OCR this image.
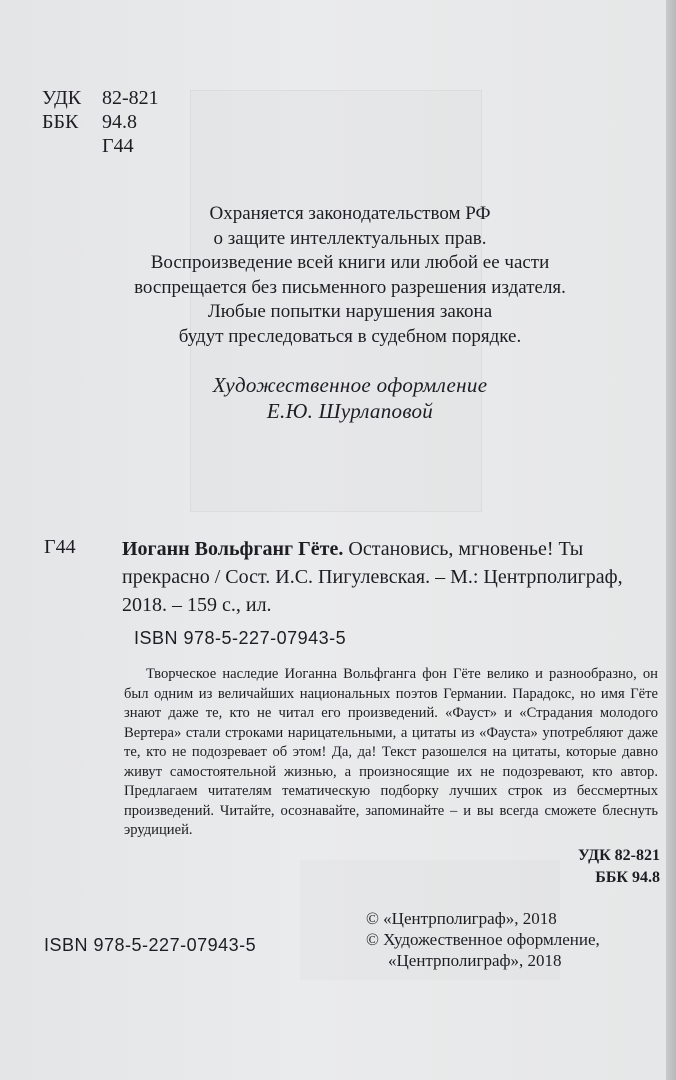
УДК	82-821
ББК	94.8
Г44
Охраняется законодательством РФ
о защите интеллектуальных прав.
Воспроизведение всей книги или любой ее части
воспрещается без письменного разрешения издателя.
Любые попытки нарушения закона
будут преследоваться в судебном порядке.
Художественное оформление
Е.Ю. Шурлаповой
Г44 Иоганн Вольфганг Гёте. Остановись, мгновенье! Ты прекрасно / Сост. И.С. Пигулевская. – М.: Центрполиграф, 2018. – 159 с., ил.
ISBN 978-5-227-07943-5

Творческое наследие Иоганна Вольфганга фон Гёте велико и разнообразно, он был одним из величайших национальных поэтов Германии. Парадокс, но имя Гёте знают даже те, кто не читал его произведений. «Фауст» и «Страдания молодого Вертера» стали строками нарицательными, а цитаты из «Фауста» употребляют даже те, кто не подозревает об этом! Да, да! Текст разошелся на цитаты, которые давно живут самостоятельной жизнью, а произносящие их не подозревают, кто автор. Предлагаем читателям тематическую подборку лучших строк из бессмертных произведений. Читайте, осознавайте, запоминайте – и вы всегда сможете блеснуть эрудицией.

УДК 82-821
ББК 94.8
ISBN 978-5-227-07943-5
© «Центрполиграф», 2018
© Художественное оформление,
«Центрполиграф», 2018
